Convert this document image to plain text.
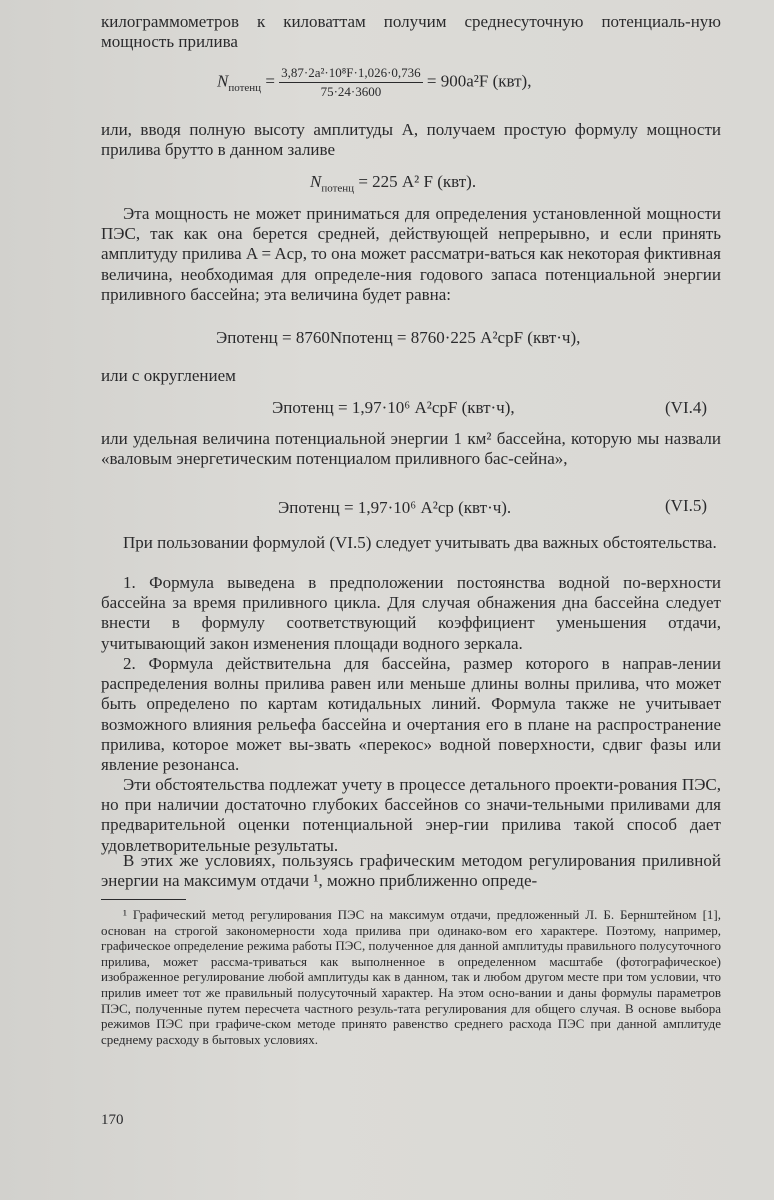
килограммометров к киловаттам получим среднесуточную потенциаль-ную мощность прилива

$N_{потенц} = \frac{\text{3,87·2a²·10⁸F·1,026·0,736}}{75\cdot 24\cdot 3600} = 900a^2F$ (квт),

или, вводя полную высоту амплитуды A, получаем простую формулу мощности прилива брутто в данном заливе

$N_{потенц} = 225$ A² F (квт).

Эта мощность не может приниматься для определения установленной мощности ПЭС, так как она берется средней, действующей непрерывно, и если принять амплитуду прилива A = Aср, то она может рассматри-ваться как некоторая фиктивная величина, необходимая для определе-ния годового запаса потенциальной энергии приливного бассейна; эта величина будет равна:

Эпотенц = 8760Nпотенц = 8760·225 A²срF (квт·ч),

или с округлением

Эпотенц = 1,97·10⁶ A²срF (квт·ч),	(VI.4)

или удельная величина потенциальной энергии 1 км² бассейна, которую мы назвали «валовым энергетическим потенциалом приливного бас-сейна»,

Эпотенц = 1,97·10⁶ A²ср (квт·ч).	(VI.5)

При пользовании формулой (VI.5) следует учитывать два важных обстоятельства.

1. Формула выведена в предположении постоянства водной по-верхности бассейна за время приливного цикла. Для случая обнажения дна бассейна следует внести в формулу соответствующий коэффициент уменьшения отдачи, учитывающий закон изменения площади водного зеркала.

2. Формула действительна для бассейна, размер которого в направ-лении распределения волны прилива равен или меньше длины волны прилива, что может быть определено по картам котидальных линий. Формула также не учитывает возможного влияния рельефа бассейна и очертания его в плане на распространение прилива, которое может вы-звать «перекос» водной поверхности, сдвиг фазы или явление резонанса.

Эти обстоятельства подлежат учету в процессе детального проекти-рования ПЭС, но при наличии достаточно глубоких бассейнов со значи-тельными приливами для предварительной оценки потенциальной энер-гии прилива такой способ дает удовлетворительные результаты.

В этих же условиях, пользуясь графическим методом регулирования приливной энергии на максимум отдачи ¹, можно приближенно опреде-

¹ Графический метод регулирования ПЭС на максимум отдачи, предложенный Л. Б. Бернштейном [1], основан на строгой закономерности хода прилива при одинако-вом его характере. Поэтому, например, графическое определение режима работы ПЭС, полученное для данной амплитуды правильного полусуточного прилива, может рассма-триваться как выполненное в определенном масштабе (фотографическое) изображенное регулирование любой амплитуды как в данном, так и любом другом месте при том условии, что прилив имеет тот же правильный полусуточный характер. На этом осно-вании и даны формулы параметров ПЭС, полученные путем пересчета частного резуль-тата регулирования для общего случая. В основе выбора режимов ПЭС при графиче-ском методе принято равенство среднего расхода ПЭС при данной амплитуде среднему расходу в бытовых условиях.

170
